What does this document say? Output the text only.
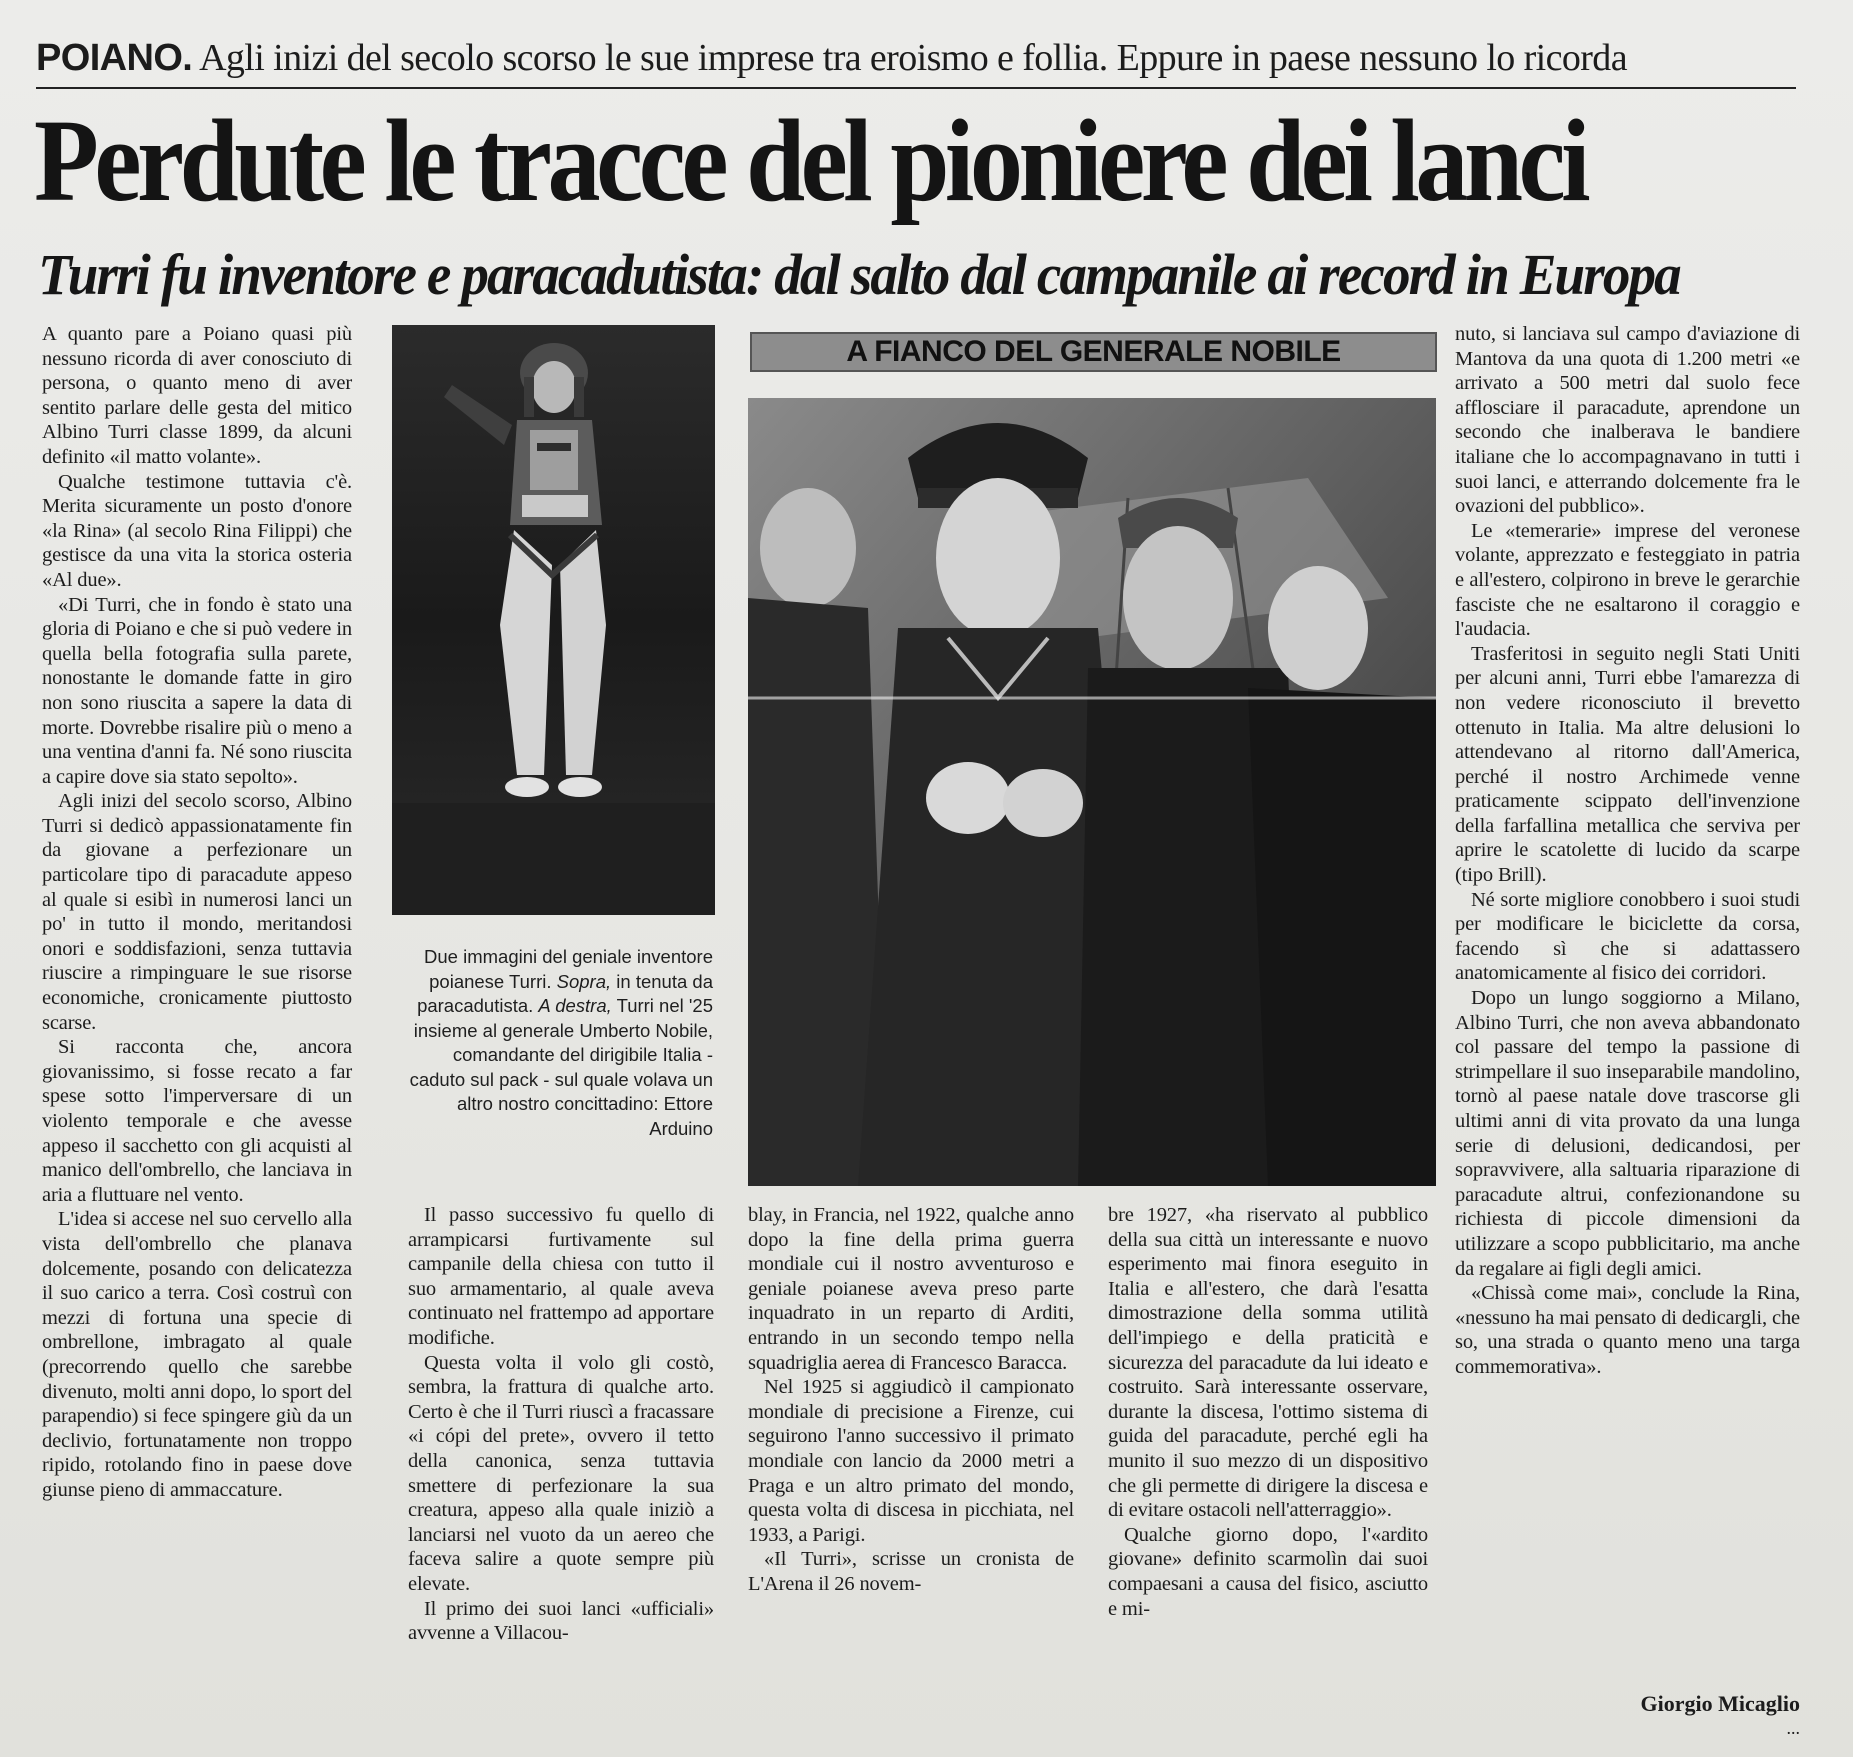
POIANO. Agli inizi del secolo scorso le sue imprese tra eroismo e follia. Eppure in paese nessuno lo ricorda
Perdute le tracce del pioniere dei lanci
Turri fu inventore e paracadutista: dal salto dal campanile ai record in Europa

A quanto pare a Poiano quasi più nessuno ricorda di aver conosciuto di persona, o quanto meno di aver sentito parlare delle gesta del mitico Albino Turri classe 1899, da alcuni definito «il matto volante».

Qualche testimone tuttavia c'è. Merita sicuramente un posto d'onore «la Rina» (al secolo Rina Filippi) che gestisce da una vita la storica osteria «Al due».

«Di Turri, che in fondo è stato una gloria di Poiano e che si può vedere in quella bella fotografia sulla parete, nonostante le domande fatte in giro non sono riuscita a sapere la data di morte. Dovrebbe risalire più o meno a una ventina d'anni fa. Né sono riuscita a capire dove sia stato sepolto».

Agli inizi del secolo scorso, Albino Turri si dedicò appassionatamente fin da giovane a perfezionare un particolare tipo di paracadute appeso al quale si esibì in numerosi lanci un po' in tutto il mondo, meritandosi onori e soddisfazioni, senza tuttavia riuscire a rimpinguare le sue risorse economiche, cronicamente piuttosto scarse.

Si racconta che, ancora giovanissimo, si fosse recato a far spese sotto l'imperversare di un violento temporale e che avesse appeso il sacchetto con gli acquisti al manico dell'ombrello, che lanciava in aria a fluttuare nel vento.

L'idea si accese nel suo cervello alla vista dell'ombrello che planava dolcemente, posando con delicatezza il suo carico a terra. Così costruì con mezzi di fortuna una specie di ombrellone, imbragato al quale (precorrendo quello che sarebbe divenuto, molti anni dopo, lo sport del parapendio) si fece spingere giù da un declivio, fortunatamente non troppo ripido, rotolando fino in paese dove giunse pieno di ammaccature.

Due immagini del geniale inventore poianese Turri. Sopra, in tenuta da paracadutista. A destra, Turri nel '25 insieme al generale Umberto Nobile, comandante del dirigibile Italia - caduto sul pack - sul quale volava un altro nostro concittadino: Ettore Arduino

A FIANCO DEL GENERALE NOBILE

Il passo successivo fu quello di arrampicarsi furtivamente sul campanile della chiesa con tutto il suo armamentario, al quale aveva continuato nel frattempo ad apportare modifiche.

Questa volta il volo gli costò, sembra, la frattura di qualche arto. Certo è che il Turri riuscì a fracassare «i cópi del prete», ovvero il tetto della canonica, senza tuttavia smettere di perfezionare la sua creatura, appeso alla quale iniziò a lanciarsi nel vuoto da un aereo che faceva salire a quote sempre più elevate.

Il primo dei suoi lanci «ufficiali» avvenne a Villacou-

blay, in Francia, nel 1922, qualche anno dopo la fine della prima guerra mondiale cui il nostro avventuroso e geniale poianese aveva preso parte inquadrato in un reparto di Arditi, entrando in un secondo tempo nella squadriglia aerea di Francesco Baracca.

Nel 1925 si aggiudicò il campionato mondiale di precisione a Firenze, cui seguirono l'anno successivo il primato mondiale con lancio da 2000 metri a Praga e un altro primato del mondo, questa volta di discesa in picchiata, nel 1933, a Parigi.

«Il Turri», scrisse un cronista de L'Arena il 26 novem-

bre 1927, «ha riservato al pubblico della sua città un interessante e nuovo esperimento mai finora eseguito in Italia e all'estero, che darà l'esatta dimostrazione della somma utilità dell'impiego e della praticità e sicurezza del paracadute da lui ideato e costruito. Sarà interessante osservare, durante la discesa, l'ottimo sistema di guida del paracadute, perché egli ha munito il suo mezzo di un dispositivo che gli permette di dirigere la discesa e di evitare ostacoli nell'atterraggio».

Qualche giorno dopo, l'«ardito giovane» definito scarmolìn dai suoi compaesani a causa del fisico, asciutto e mi-

nuto, si lanciava sul campo d'aviazione di Mantova da una quota di 1.200 metri «e arrivato a 500 metri dal suolo fece afflosciare il paracadute, aprendone un secondo che inalberava le bandiere italiane che lo accompagnavano in tutti i suoi lanci, e atterrando dolcemente fra le ovazioni del pubblico».

Le «temerarie» imprese del veronese volante, apprezzato e festeggiato in patria e all'estero, colpirono in breve le gerarchie fasciste che ne esaltarono il coraggio e l'audacia.

Trasferitosi in seguito negli Stati Uniti per alcuni anni, Turri ebbe l'amarezza di non vedere riconosciuto il brevetto ottenuto in Italia. Ma altre delusioni lo attendevano al ritorno dall'America, perché il nostro Archimede venne praticamente scippato dell'invenzione della farfallina metallica che serviva per aprire le scatolette di lucido da scarpe (tipo Brill).

Né sorte migliore conobbero i suoi studi per modificare le biciclette da corsa, facendo sì che si adattassero anatomicamente al fisico dei corridori.

Dopo un lungo soggiorno a Milano, Albino Turri, che non aveva abbandonato col passare del tempo la passione di strimpellare il suo inseparabile mandolino, tornò al paese natale dove trascorse gli ultimi anni di vita provato da una lunga serie di delusioni, dedicandosi, per sopravvivere, alla saltuaria riparazione di paracadute altrui, confezionandone su richiesta di piccole dimensioni da utilizzare a scopo pubblicitario, ma anche da regalare ai figli degli amici.

«Chissà come mai», conclude la Rina, «nessuno ha mai pensato di dedicargli, che so, una strada o quanto meno una targa commemorativa».

Giorgio Micaglio
...
